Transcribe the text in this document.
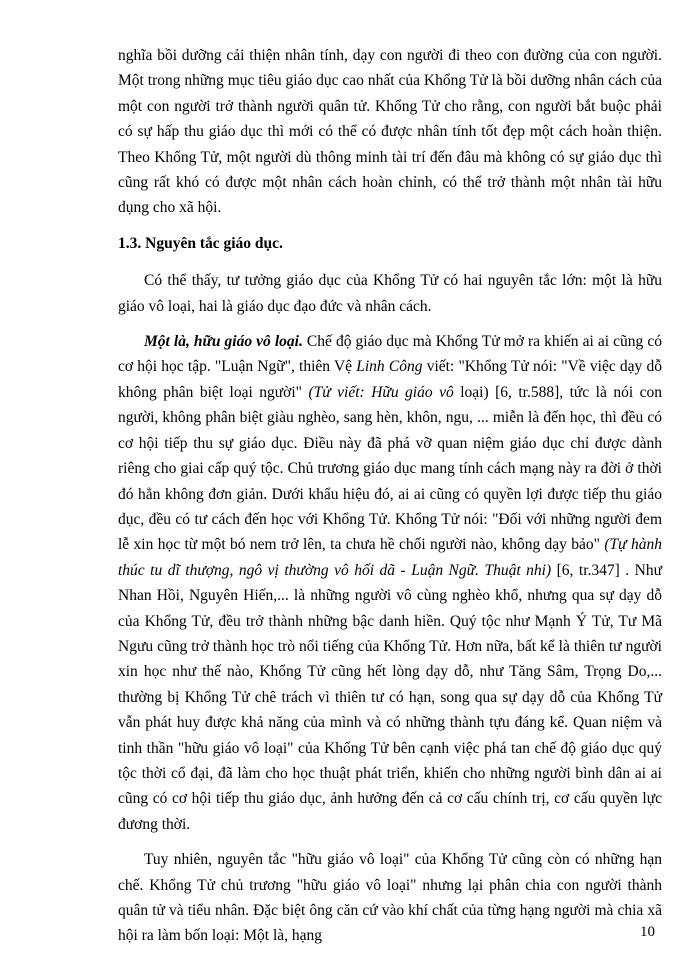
nghĩa bồi dưỡng cải thiện nhân tính, dạy con người đi theo con đường của con người. Một trong những mục tiêu giáo dục cao nhất của Khổng Tử là bồi dưỡng nhân cách của một con người trở thành người quân tử. Khổng Tử cho rằng, con người bắt buộc phải có sự hấp thu giáo dục thì mới có thể có được nhân tính tốt đẹp một cách hoàn thiện. Theo Khổng Tử, một người dù thông minh tài trí đến đâu mà không có sự giáo dục thì cũng rất khó có được một nhân cách hoàn chỉnh, có thể trở thành một nhân tài hữu dụng cho xã hội.

1.3. Nguyên tắc giáo dục.

Có thể thấy, tư tưởng giáo dục của Khổng Tử có hai nguyên tắc lớn: một là hữu giáo vô loại, hai là giáo dục đạo đức và nhân cách.

Một là, hữu giáo vô loại. Chế độ giáo dục mà Khổng Tử mở ra khiến ai ai cũng có cơ hội học tập. "Luận Ngữ", thiên Vệ Linh Công viết: "Khổng Tử nói: "Về việc dạy dỗ không phân biệt loại người" (Tử viết: Hữu giáo vô loại) [6, tr.588], tức là nói con người, không phân biệt giàu nghèo, sang hèn, khôn, ngu, ... miễn là đến học, thì đều có cơ hội tiếp thu sự giáo dục. Điều này đã phá vỡ quan niệm giáo dục chỉ được dành riêng cho giai cấp quý tộc. Chủ trương giáo dục mang tính cách mạng này ra đời ở thời đó hẳn không đơn giản. Dưới khẩu hiệu đó, ai ai cũng có quyền lợi được tiếp thu giáo dục, đều có tư cách đến học với Khổng Tử. Khổng Tử nói: "Đối với những người đem lễ xin học từ một bó nem trở lên, ta chưa hề chối người nào, không dạy bảo" (Tự hành thúc tu dĩ thượng, ngô vị thường vô hối dã - Luận Ngữ. Thuật nhi) [6, tr.347] . Như Nhan Hồi, Nguyên Hiến,... là những người vô cùng nghèo khổ, nhưng qua sự dạy dỗ của Khổng Tử, đều trở thành những bậc danh hiền. Quý tộc như Mạnh Ý Tử, Tư Mã Ngưu cũng trở thành học trò nổi tiếng của Khổng Tử. Hơn nữa, bất kể là thiên tư người xin học như thế nào, Khổng Tử cũng hết lòng dạy dỗ, như Tăng Sâm, Trọng Do,... thường bị Khổng Tử chê trách vì thiên tư có hạn, song qua sự dạy dỗ của Khổng Tử vẫn phát huy được khả năng của mình và có những thành tựu đáng kể. Quan niệm và tinh thần "hữu giáo vô loại" của Khổng Tử bên cạnh việc phá tan chế độ giáo dục quý tộc thời cổ đại, đã làm cho học thuật phát triển, khiến cho những người bình dân ai ai cũng có cơ hội tiếp thu giáo dục, ảnh hưởng đến cả cơ cấu chính trị, cơ cấu quyền lực đương thời.

Tuy nhiên, nguyên tắc "hữu giáo vô loại" của Khổng Tử cũng còn có những hạn chế. Khổng Tử chủ trương "hữu giáo vô loại" nhưng lại phân chia con người thành quân tử và tiểu nhân. Đặc biệt ông căn cứ vào khí chất của từng hạng người mà chia xã hội ra làm bốn loại: Một là, hạng	10
